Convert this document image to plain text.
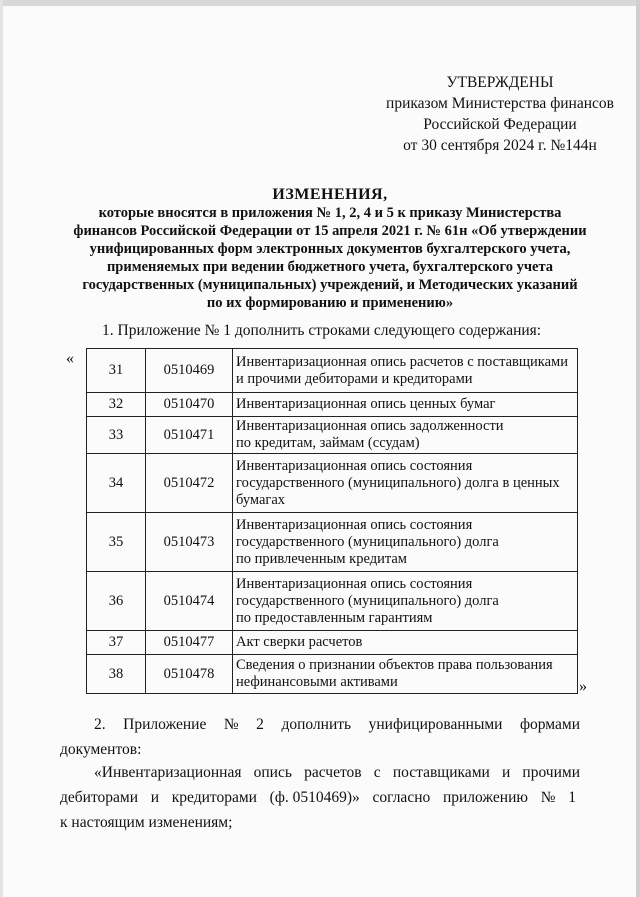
УТВЕРЖДЕНЫ
приказом Министерства финансов
Российской Федерации
от 30 сентября 2024 г. №144н
ИЗМЕНЕНИЯ,
которые вносятся в приложения № 1, 2, 4 и 5 к приказу Министерства
финансов Российской Федерации от 15 апреля 2021 г. № 61н «Об утверждении
унифицированных форм электронных документов бухгалтерского учета,
применяемых при ведении бюджетного учета, бухгалтерского учета
государственных (муниципальных) учреждений, и Методических указаний
по их формированию и применению»
1. Приложение № 1 дополнить строками следующего содержания:
«
»
31	0510469	Инвентаризационная опись расчетов с поставщиками
и прочими дебиторами и кредиторами

32	0510470	Инвентаризационная опись ценных бумаг

33	0510471	Инвентаризационная опись задолженности
по кредитам, займам (ссудам)

34	0510472	Инвентаризационная опись состояния
государственного (муниципального) долга в ценных
бумагах

35	0510473	Инвентаризационная опись состояния
государственного (муниципального) долга
по привлеченным кредитам

36	0510474	Инвентаризационная опись состояния
государственного (муниципального) долга
по предоставленным гарантиям

37	0510477	Акт сверки расчетов

38	0510478	Сведения о признании объектов права пользования
нефинансовыми активами
2. Приложение № 2 дополнить унифицированными формами
документов:
«Инвентаризационная опись расчетов с поставщиками и прочими
дебиторами и кредиторами (ф. 0510469)» согласно приложению № 1
к настоящим изменениям;
